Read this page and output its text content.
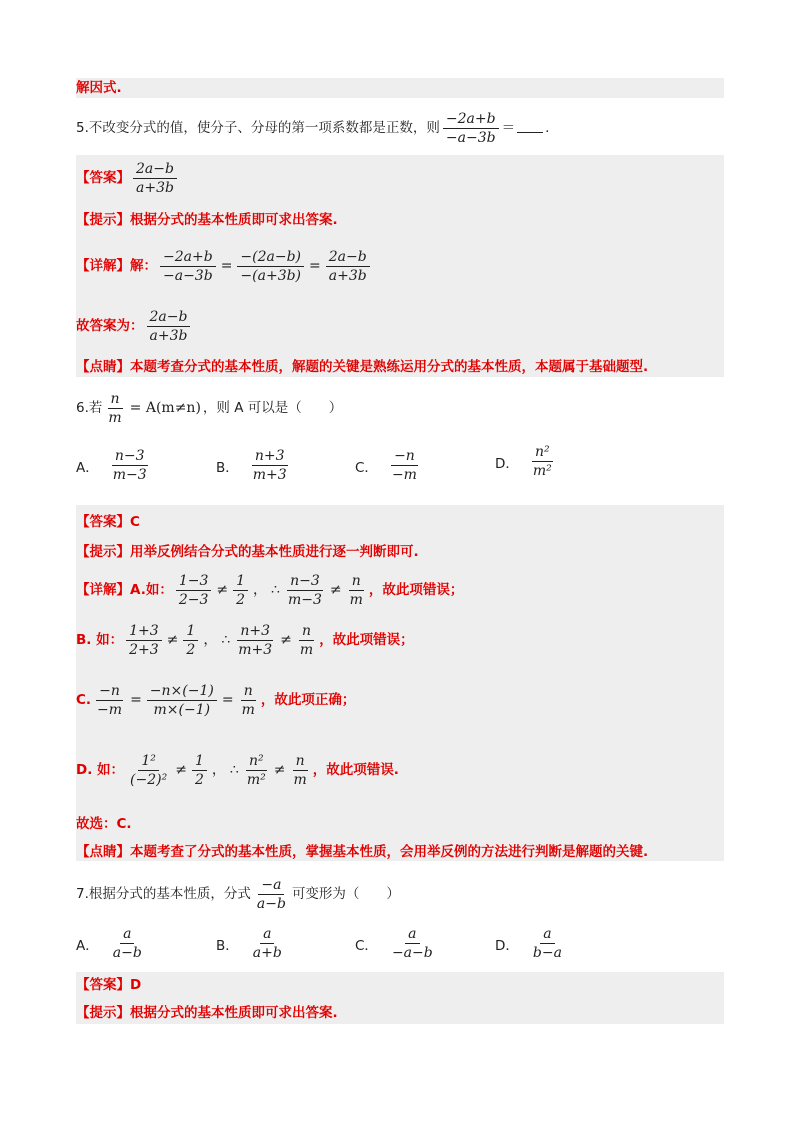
解因式.
5.不改变分式的值，使分子、分母的第一项系数都是正数，则 $\frac{-2a+b}{-a-3b}$ ＝ .
【答案】 $\frac{2a-b}{a+3b}$
【提示】根据分式的基本性质即可求出答案.
【详解】解： $\frac{-2a+b}{-a-3b} = \frac{-(2a-b)}{-(a+3b)} = \frac{2a-b}{a+3b}$
故答案为： $\frac{2a-b}{a+3b}$
【点睛】本题考查分式的基本性质，解题的关键是熟练运用分式的基本性质，本题属于基础题型.
6.若 $\frac{n}{m} = A(m\ne n)$ ，则 A 可以是（　　）
A． $\frac{n-3}{m-3}$	B． $\frac{n+3}{m+3}$	C． $\frac{-n}{-m}$	D． $\frac{\text{n²}}{\text{m²}}$
【答案】C
【提示】用举反例结合分式的基本性质进行逐一判断即可.
【详解】A.如： $\frac{1-3}{2-3} \ne \frac{1}{2}$ ， ∴ $\frac{n-3}{m-3} \ne \frac{n}{m}$ ，故此项错误；
B. 如： $\frac{1+3}{2+3} \ne \frac{1}{2}$ ， ∴ $\frac{n+3}{m+3} \ne \frac{n}{m}$ ，故此项错误；
C. $\frac{-n}{-m} = \frac{-n\times(-1)}{m\times(-1)} = \frac{n}{m}$ ，故此项正确；
D. 如： $\frac{\text{1²}}{\text{(−2)²}} \ne \frac{1}{2}$ ， ∴ $\frac{\text{n²}}{\text{m²}} \ne \frac{n}{m}$ ，故此项错误.
故选：C.
【点睛】本题考查了分式的基本性质，掌握基本性质，会用举反例的方法进行判断是解题的关键.
7.根据分式的基本性质，分式 $\frac{-a}{a-b}$ 可变形为（　　）
A． $\frac{a}{a-b}$	B． $\frac{a}{a+b}$	C． $\frac{a}{-a-b}$	D． $\frac{a}{b-a}$
【答案】D
【提示】根据分式的基本性质即可求出答案.
